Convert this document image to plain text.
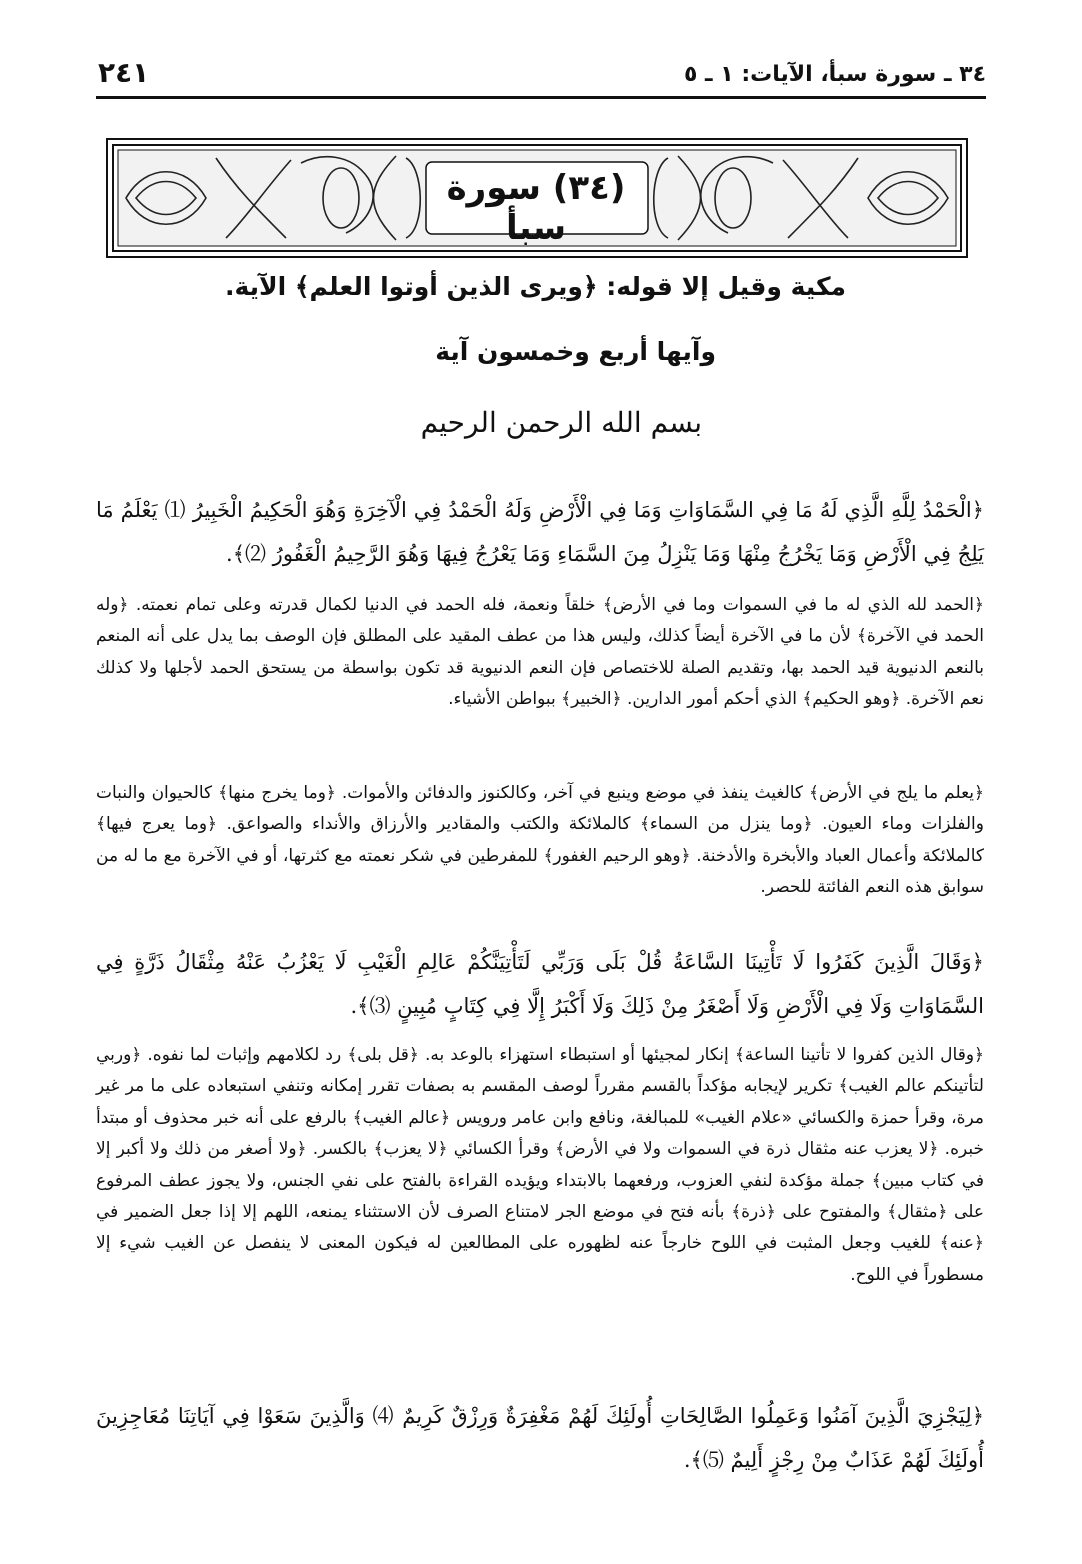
٣٤ ـ سورة سبأ، الآيات: ١ ـ ٥
٢٤١
(٣٤) سورة سبأ
مكية وقيل إلا قوله: ﴿ويرى الذين أوتوا العلم﴾ الآية.
وآيها أربع وخمسون آية
بسم الله الرحمن الرحيم
﴿الْحَمْدُ لِلَّهِ الَّذِي لَهُ مَا فِي السَّمَاوَاتِ وَمَا فِي الْأَرْضِ وَلَهُ الْحَمْدُ فِي الْآخِرَةِ وَهُوَ الْحَكِيمُ الْخَبِيرُ ⑴ يَعْلَمُ مَا يَلِجُ فِي الْأَرْضِ وَمَا يَخْرُجُ مِنْهَا وَمَا يَنْزِلُ مِنَ السَّمَاءِ وَمَا يَعْرُجُ فِيهَا وَهُوَ الرَّحِيمُ الْغَفُورُ ⑵﴾.
﴿الحمد لله الذي له ما في السموات وما في الأرض﴾ خلقاً ونعمة، فله الحمد في الدنيا لكمال قدرته وعلى تمام نعمته. ﴿وله الحمد في الآخرة﴾ لأن ما في الآخرة أيضاً كذلك، وليس هذا من عطف المقيد على المطلق فإن الوصف بما يدل على أنه المنعم بالنعم الدنيوية قيد الحمد بها، وتقديم الصلة للاختصاص فإن النعم الدنيوية قد تكون بواسطة من يستحق الحمد لأجلها ولا كذلك نعم الآخرة. ﴿وهو الحكيم﴾ الذي أحكم أمور الدارين. ﴿الخبير﴾ ببواطن الأشياء.
﴿يعلم ما يلج في الأرض﴾ كالغيث ينفذ في موضع وينبع في آخر، وكالكنوز والدفائن والأموات. ﴿وما يخرج منها﴾ كالحيوان والنبات والفلزات وماء العيون. ﴿وما ينزل من السماء﴾ كالملائكة والكتب والمقادير والأرزاق والأنداء والصواعق. ﴿وما يعرج فيها﴾ كالملائكة وأعمال العباد والأبخرة والأدخنة. ﴿وهو الرحيم الغفور﴾ للمفرطين في شكر نعمته مع كثرتها، أو في الآخرة مع ما له من سوابق هذه النعم الفائتة للحصر.
﴿وَقَالَ الَّذِينَ كَفَرُوا لَا تَأْتِينَا السَّاعَةُ قُلْ بَلَى وَرَبِّي لَتَأْتِيَنَّكُمْ عَالِمِ الْغَيْبِ لَا يَعْزُبُ عَنْهُ مِثْقَالُ ذَرَّةٍ فِي السَّمَاوَاتِ وَلَا فِي الْأَرْضِ وَلَا أَصْغَرُ مِنْ ذَلِكَ وَلَا أَكْبَرُ إِلَّا فِي كِتَابٍ مُبِينٍ ⑶﴾.
﴿وقال الذين كفروا لا تأتينا الساعة﴾ إنكار لمجيئها أو استبطاء استهزاء بالوعد به. ﴿قل بلى﴾ رد لكلامهم وإثبات لما نفوه. ﴿وربي لتأتينكم عالم الغيب﴾ تكرير لإيجابه مؤكداً بالقسم مقرراً لوصف المقسم به بصفات تقرر إمكانه وتنفي استبعاده على ما مر غير مرة، وقرأ حمزة والكسائي «علام الغيب» للمبالغة، ونافع وابن عامر ورويس ﴿عالم الغيب﴾ بالرفع على أنه خبر محذوف أو مبتدأ خبره. ﴿لا يعزب عنه مثقال ذرة في السموات ولا في الأرض﴾ وقرأ الكسائي ﴿لا يعزب﴾ بالكسر. ﴿ولا أصغر من ذلك ولا أكبر إلا في كتاب مبين﴾ جملة مؤكدة لنفي العزوب، ورفعهما بالابتداء ويؤيده القراءة بالفتح على نفي الجنس، ولا يجوز عطف المرفوع على ﴿مثقال﴾ والمفتوح على ﴿ذرة﴾ بأنه فتح في موضع الجر لامتناع الصرف لأن الاستثناء يمنعه، اللهم إلا إذا جعل الضمير في ﴿عنه﴾ للغيب وجعل المثبت في اللوح خارجاً عنه لظهوره على المطالعين له فيكون المعنى لا ينفصل عن الغيب شيء إلا مسطوراً في اللوح.
﴿لِيَجْزِيَ الَّذِينَ آمَنُوا وَعَمِلُوا الصَّالِحَاتِ أُولَئِكَ لَهُمْ مَغْفِرَةٌ وَرِزْقٌ كَرِيمٌ ⑷ وَالَّذِينَ سَعَوْا فِي آيَاتِنَا مُعَاجِزِينَ أُولَئِكَ لَهُمْ عَذَابٌ مِنْ رِجْزٍ أَلِيمٌ ⑸﴾.
